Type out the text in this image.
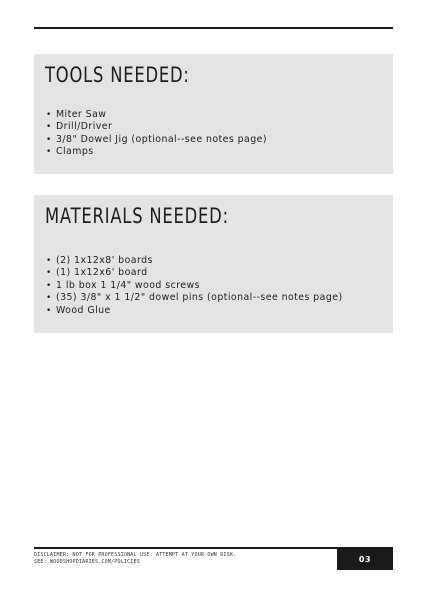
TOOLS NEEDED:
• Miter Saw
• Drill/Driver
• 3/8" Dowel Jig (optional--see notes page)
• Clamps
MATERIALS NEEDED:
• (2) 1x12x8' boards
• (1) 1x12x6' board
• 1 lb box 1 1/4" wood screws
• (35) 3/8" x 1 1/2" dowel pins (optional--see notes page)
• Wood Glue
DISCLAIMER: NOT FOR PROFESSIONAL USE. ATTEMPT AT YOUR OWN RISK.
SEE: WOODSHOPDIARIES.COM/POLICIES	03
